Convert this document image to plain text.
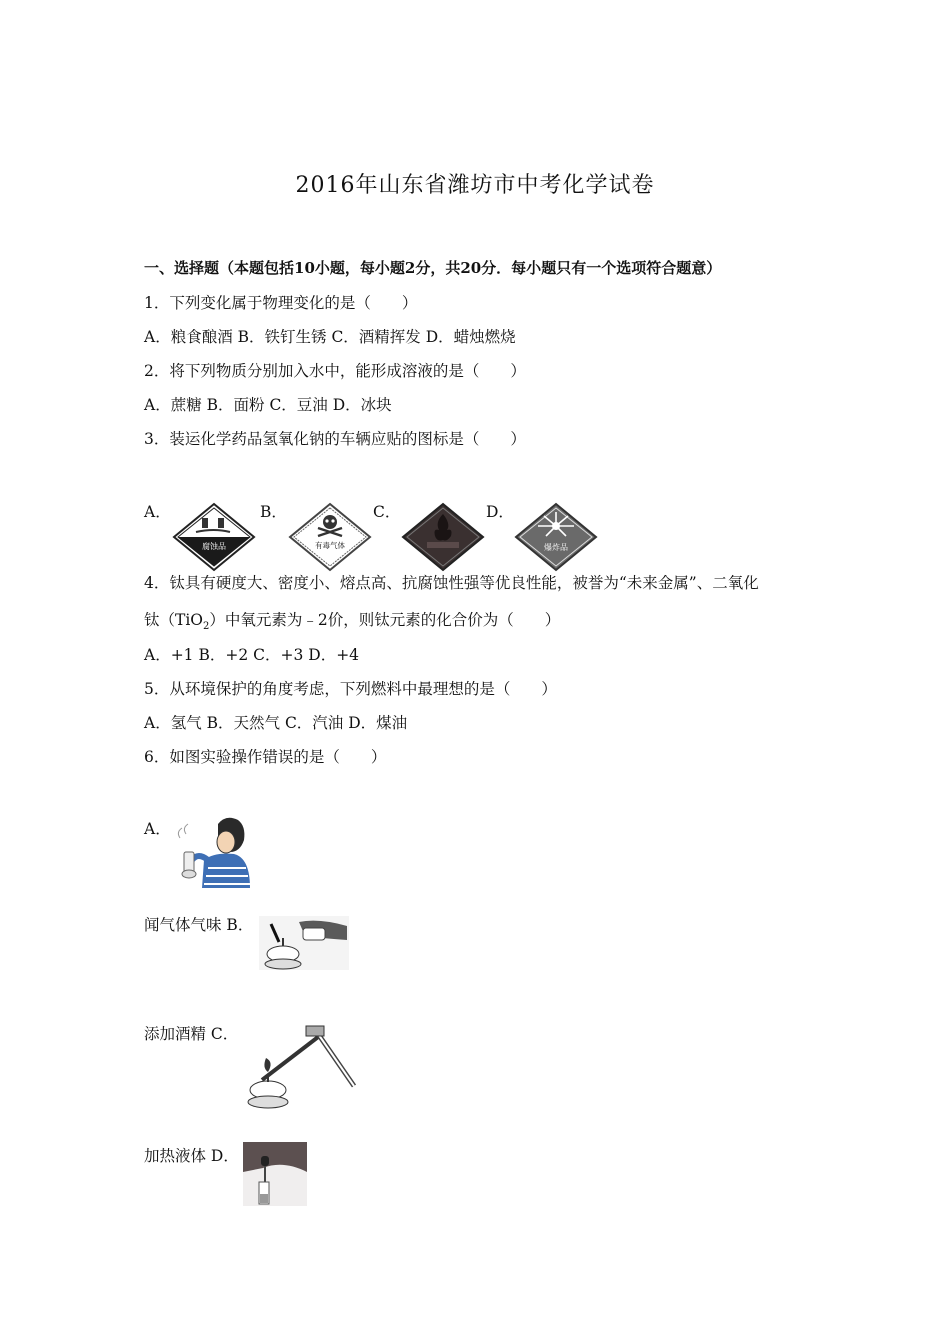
2016年山东省潍坊市中考化学试卷
一、选择题（本题包括10小题，每小题2分，共20分．每小题只有一个选项符合题意）
1．下列变化属于物理变化的是（　　）
A．粮食酿酒 B．铁钉生锈 C．酒精挥发 D．蜡烛燃烧
2．将下列物质分别加入水中，能形成溶液的是（　　）
A．蔗糖 B．面粉 C．豆油 D．冰块
3．装运化学药品氢氧化钠的车辆应贴的图标是（　　）
A．
腐蚀品
B．
有毒气体
C．	D．
爆炸品
4．钛具有硬度大、密度小、熔点高、抗腐蚀性强等优良性能，被誉为“未来金属”、二氧化
钛（TiO$_2$）中氧元素为﹣2价，则钛元素的化合价为（　　）
A．+1 B．+2 C．+3 D．+4
5．从环境保护的角度考虑，下列燃料中最理想的是（　　）
A．氢气 B．天然气 C．汽油 D．煤油
6．如图实验操作错误的是（　　）
A．
闻气体气味 B．
添加酒精 C．
加热液体 D．
